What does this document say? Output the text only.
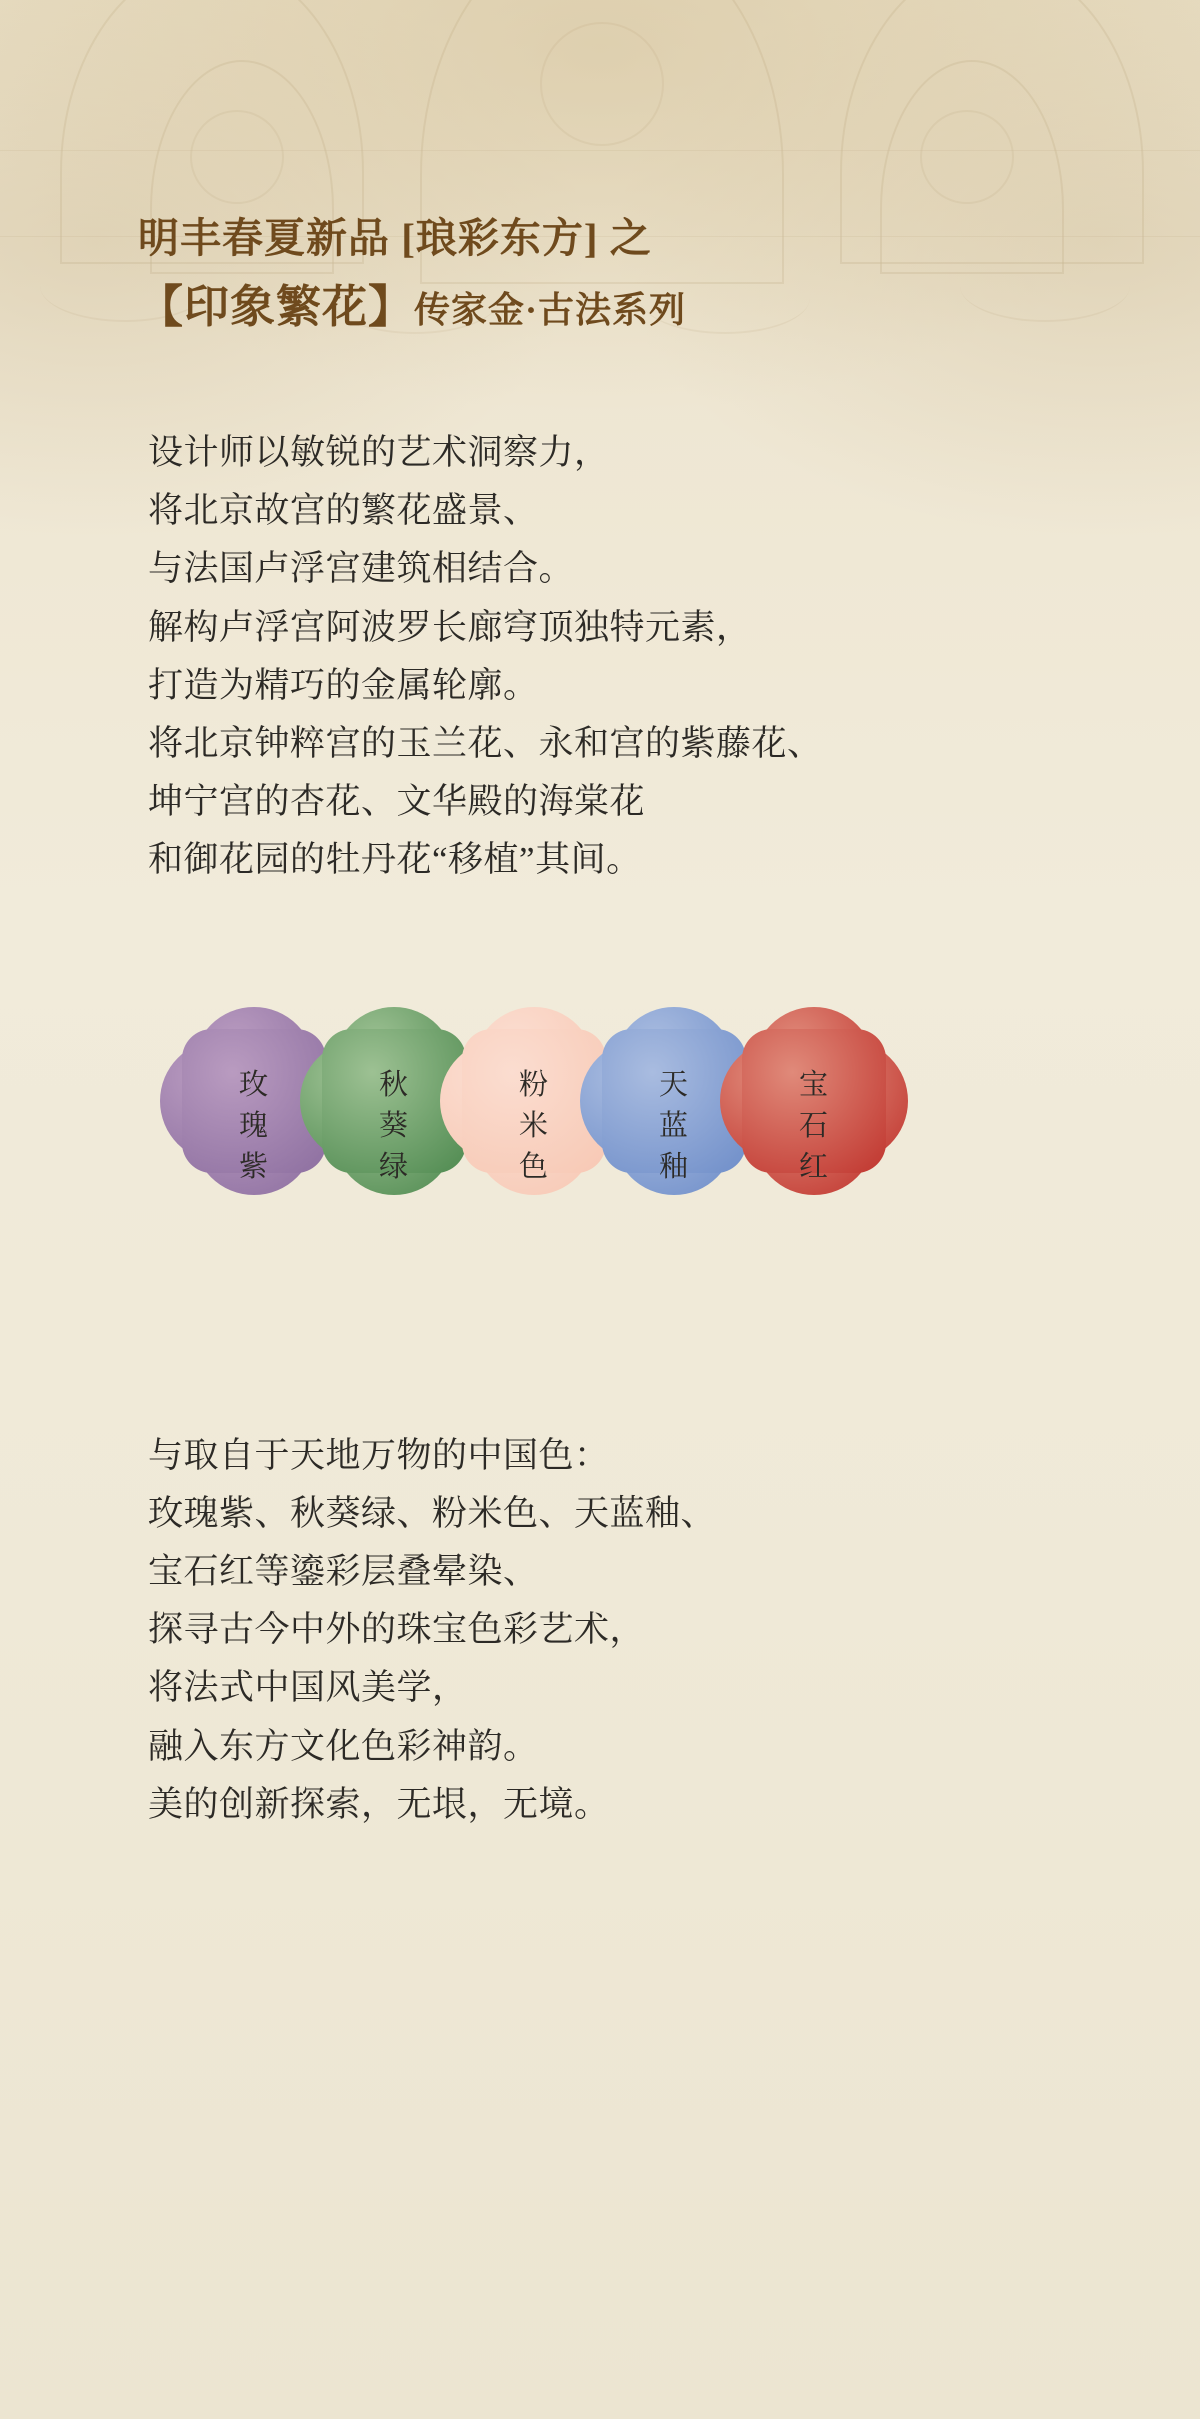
明丰春夏新品 [琅彩东方] 之
【印象繁花】传家金·古法系列
设计师以敏锐的艺术洞察力，
将北京故宫的繁花盛景、
与法国卢浮宫建筑相结合。
解构卢浮宫阿波罗长廊穹顶独特元素，
打造为精巧的金属轮廓。
将北京钟粹宫的玉兰花、永和宫的紫藤花、
坤宁宫的杏花、文华殿的海棠花
和御花园的牡丹花“移植”其间。
玫
瑰
紫
秋
葵
绿
粉
米
色
天
蓝
釉
宝
石
红
与取自于天地万物的中国色：
玫瑰紫、秋葵绿、粉米色、天蓝釉、
宝石红等鎏彩层叠晕染、
探寻古今中外的珠宝色彩艺术，
将法式中国风美学，
融入东方文化色彩神韵。
美的创新探索，无垠，无境。
